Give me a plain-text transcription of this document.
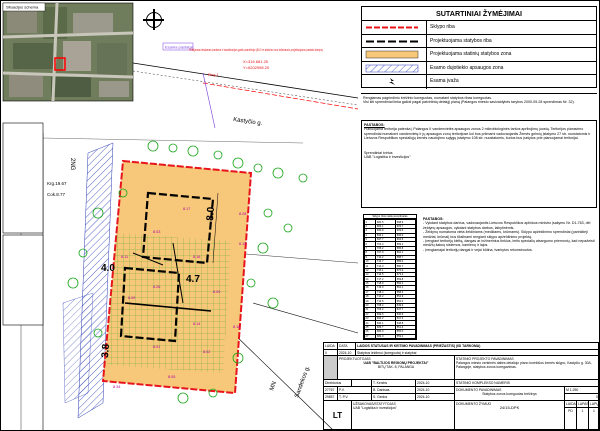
Situacijos schema
Esama pastatai
Priklijamas tiesiamas vandens ir kanalizacijos gatvių sankirtoje (60.0 m atstumu nuo tolimiausio projektuojamo pastato kampo)
X=316 681.25
Y=6202598.20
Reg.1
Kastyčio g.
Sandekos g.
2NG
Krg.19.67
Cok.8.77
MN
8.0
4.0
4.7
3.8
8.17
8.28
8.03
8.15
8.11	8.16
8.26
8.09
8.09
8.14
8.18
8.01
8.02
8.05
8.34
SUTARTINIAI ŽYMĖJIMAI
Sklypo riba
Projektuojama statybos riba
Projektuojama statinių statybos zona
Esamo dujotiekio apsaugos zona
Esama įvaža
Rengiamas pagrindinio brėžinio koreguotas, numatant statybos ribas koreguotas.
Visi kiti sprendiniai lieka galioti pagal patvirtintą detalųjį planą (Palangos miesto savivaldybės tarybos 2000-09-28 sprendimas Nr. 32).
PASTABOS:
Planuojama teritorija patenka į Palangos II vandenvietės apsaugos zonos 2 mikrobiologinės taršos apribojimų juostą. Teritorijos planavimo sprendiniai numatomi vandenvietę ir jų apsaugos zonų teritorijose kol bus priimami vadovaujantis Žemės gelmių įstatymo 27 str. nuostatomis ir Lietuvos Respublikos specialiųjų žemės naudojimo sąlygų įstatymo 108 str. nuostatomis, kurios bus įrašytos prie planuojamai teritorijai.
Sprendiniai tvirtus
UAB "Logistika ir investicijos"
Sklypo ribos taškų koordinatės
1	681.5	598.9
2	684.1	603.7
3	690.9	609.6
4	694.1	606.0
5	697.7	602.5
6	701.4	599.1
7	705.2	595.8
8	707.9	592.1
9	710.2	588.7
10	712.7	585.0
11	714.3	580.7
12	715.1	576.9
13	716.5	573.2
14	717.2	569.8
15	718.9	566.4
16	719.0	562.1
17	718.4	558.3
18	716.2	554.9
19	712.5	552.0
20	708.4	549.6
21	703.2	547.7
22	699.6	546.9
23	694.2	547.3
24	690.1	548.8
25	686.7	551.6
26	684.0	555.0
27	682.3	559.2
PASTABOS:
- Vykdant statybos darbus, vadovaujantis Lietuvos Respublikos aplinkos ministro įsakymu Nr. D1-763, dėl želdynų apsaugos, vykdant statybos darbus, laikytinėmis.
- Želdynų numatoma vieta želdiniams (medžiams, krūmams). Sklypo apželdinimo sprendiniai (parinktieji medžiai, krūmai) bus tikslinami rengiant sklypo apželdinimo projektą.
- Įrengiant teritorijų kieltą, dangas ar inžinerinius tinklus, imtis specialių atsargumo priemonių, kad nepažeisti medžių šaknų sistemos, kamienų ir lajos.
- Įrengiamajai teritorijų dangai ir vejai būtina, tvarkytos rekonstruotos.
LAIDA	DATA	LAIDOS STATUSAS IR KEITIMO PAVADINIMAS (PRIEŽASTIS) (ISI TARKOMA)
0	2024-10	Statybos leidimui (koreguota) ir statybai
PROJEKTUOTOJAS
UAB "BALTIJOS REGIONŲ PROJEKTAI"
BITŲ TAK. 8, PALANGA
STATINIO PROJEKTO PAVADINIMAS
Palangos miesto centrinės dalies detaliojo plano koreklūos žemės sklypo, Kastyčio g. 30A, Palangoje, statybos zonos koregavimas.
Direktorius	T. Kerzbs	2024-10
27767	P.V.	B. Danisas	2024-10
29857	T. P.V.	S. Gedos	2024-10
STATINIO KOMPLEKSO NUMERIS
DOKUMENTO PAVADINIMAS
Statybos zonos koreguotas brėžinys
M 1:250
0
LT
UŽSAKOVAS/STATYTOJAS
UAB "Logistika ir investicijos"
DOKUMENTO ŽYMUO
24/15-DPK
LAIDA LAPAS LAPŲ
PD	1	1
